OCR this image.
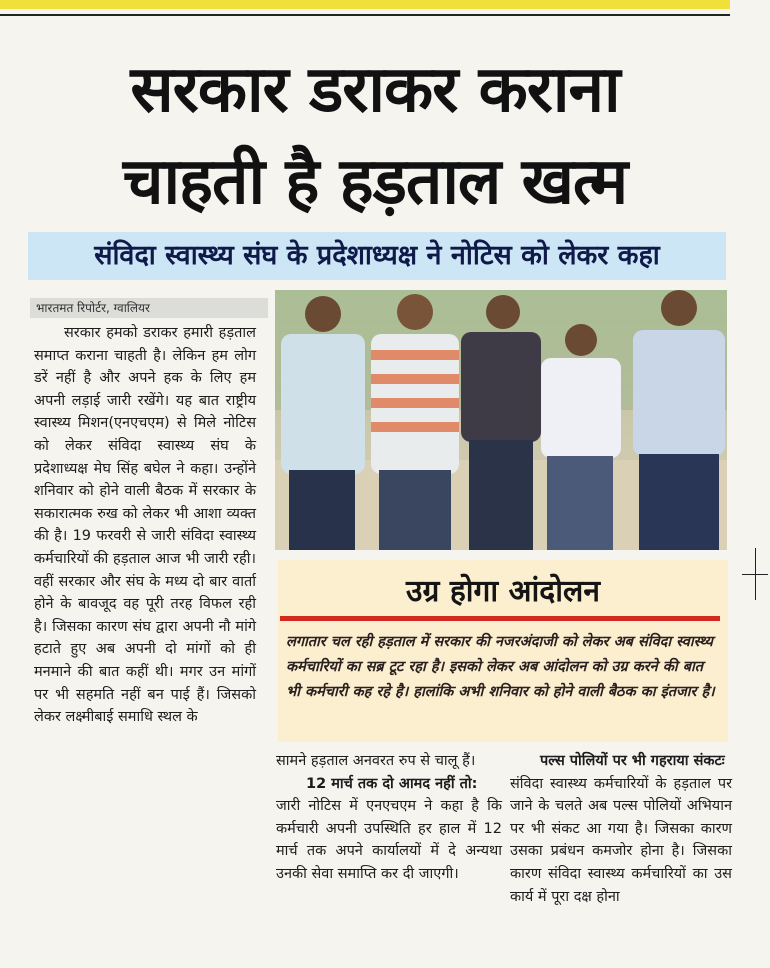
सरकार डराकर कराना
चाहती है हड़ताल खत्म
संविदा स्वास्थ्य संघ के प्रदेशाध्यक्ष ने नोटिस को लेकर कहा
भारतमत रिपोर्टर, ग्वालियर

सरकार हमको डराकर हमारी हड़ताल समाप्त कराना चाहती है। लेकिन हम लोग डरें नहीं है और अपने हक के लिए हम अपनी लड़ाई जारी रखेंगे। यह बात राष्ट्रीय स्वास्थ्य मिशन(एनएचएम) से मिले नोटिस को लेकर संविदा स्वास्थ्य संघ के प्रदेशाध्यक्ष मेघ सिंह बघेल ने कहा। उन्होंने शनिवार को होने वाली बैठक में सरकार के सकारात्मक रुख को लेकर भी आशा व्यक्त की है। 19 फरवरी से जारी संविदा स्वास्थ्य कर्मचारियों की हड़ताल आज भी जारी रही। वहीं सरकार और संघ के मध्य दो बार वार्ता होने के बावजूद वह पूरी तरह विफल रही है। जिसका कारण संघ द्वारा अपनी नौ मांगे हटाते हुए अब अपनी दो मांगों को ही मनमाने की बात कहीं थी। मगर उन मांगों पर भी सहमति नहीं बन पाई हैं। जिसको लेकर लक्ष्मीबाई समाधि स्थल के

उग्र होगा आंदोलन

लगातार चल रही हड़ताल में सरकार की नजरअंदाजी को लेकर अब संविदा स्वास्थ्य कर्मचारियों का सब्र टूट रहा है। इसको लेकर अब आंदोलन को उग्र करने की बात भी कर्मचारी कह रहे है। हालांकि अभी शनिवार को होने वाली बैठक का इंतजार है।

सामने हड़ताल अनवरत रुप से चालू हैं।

12 मार्च तक दो आमद नहीं तो:
जारी नोटिस में एनएचएम ने कहा है कि कर्मचारी अपनी उपस्थिति हर हाल में 12 मार्च तक अपने कार्यालयों में दे अन्यथा उनकी सेवा समाप्ति कर दी जाएगी।

पल्स पोलियों पर भी गहराया संकटः
संविदा स्वास्थ्य कर्मचारियों के हड़ताल पर जाने के चलते अब पल्स पोलियों अभियान पर भी संकट आ गया है। जिसका कारण उसका प्रबंधन कमजोर होना है। जिसका कारण संविदा स्वास्थ्य कर्मचारियों का उस कार्य में पूरा दक्ष होना
